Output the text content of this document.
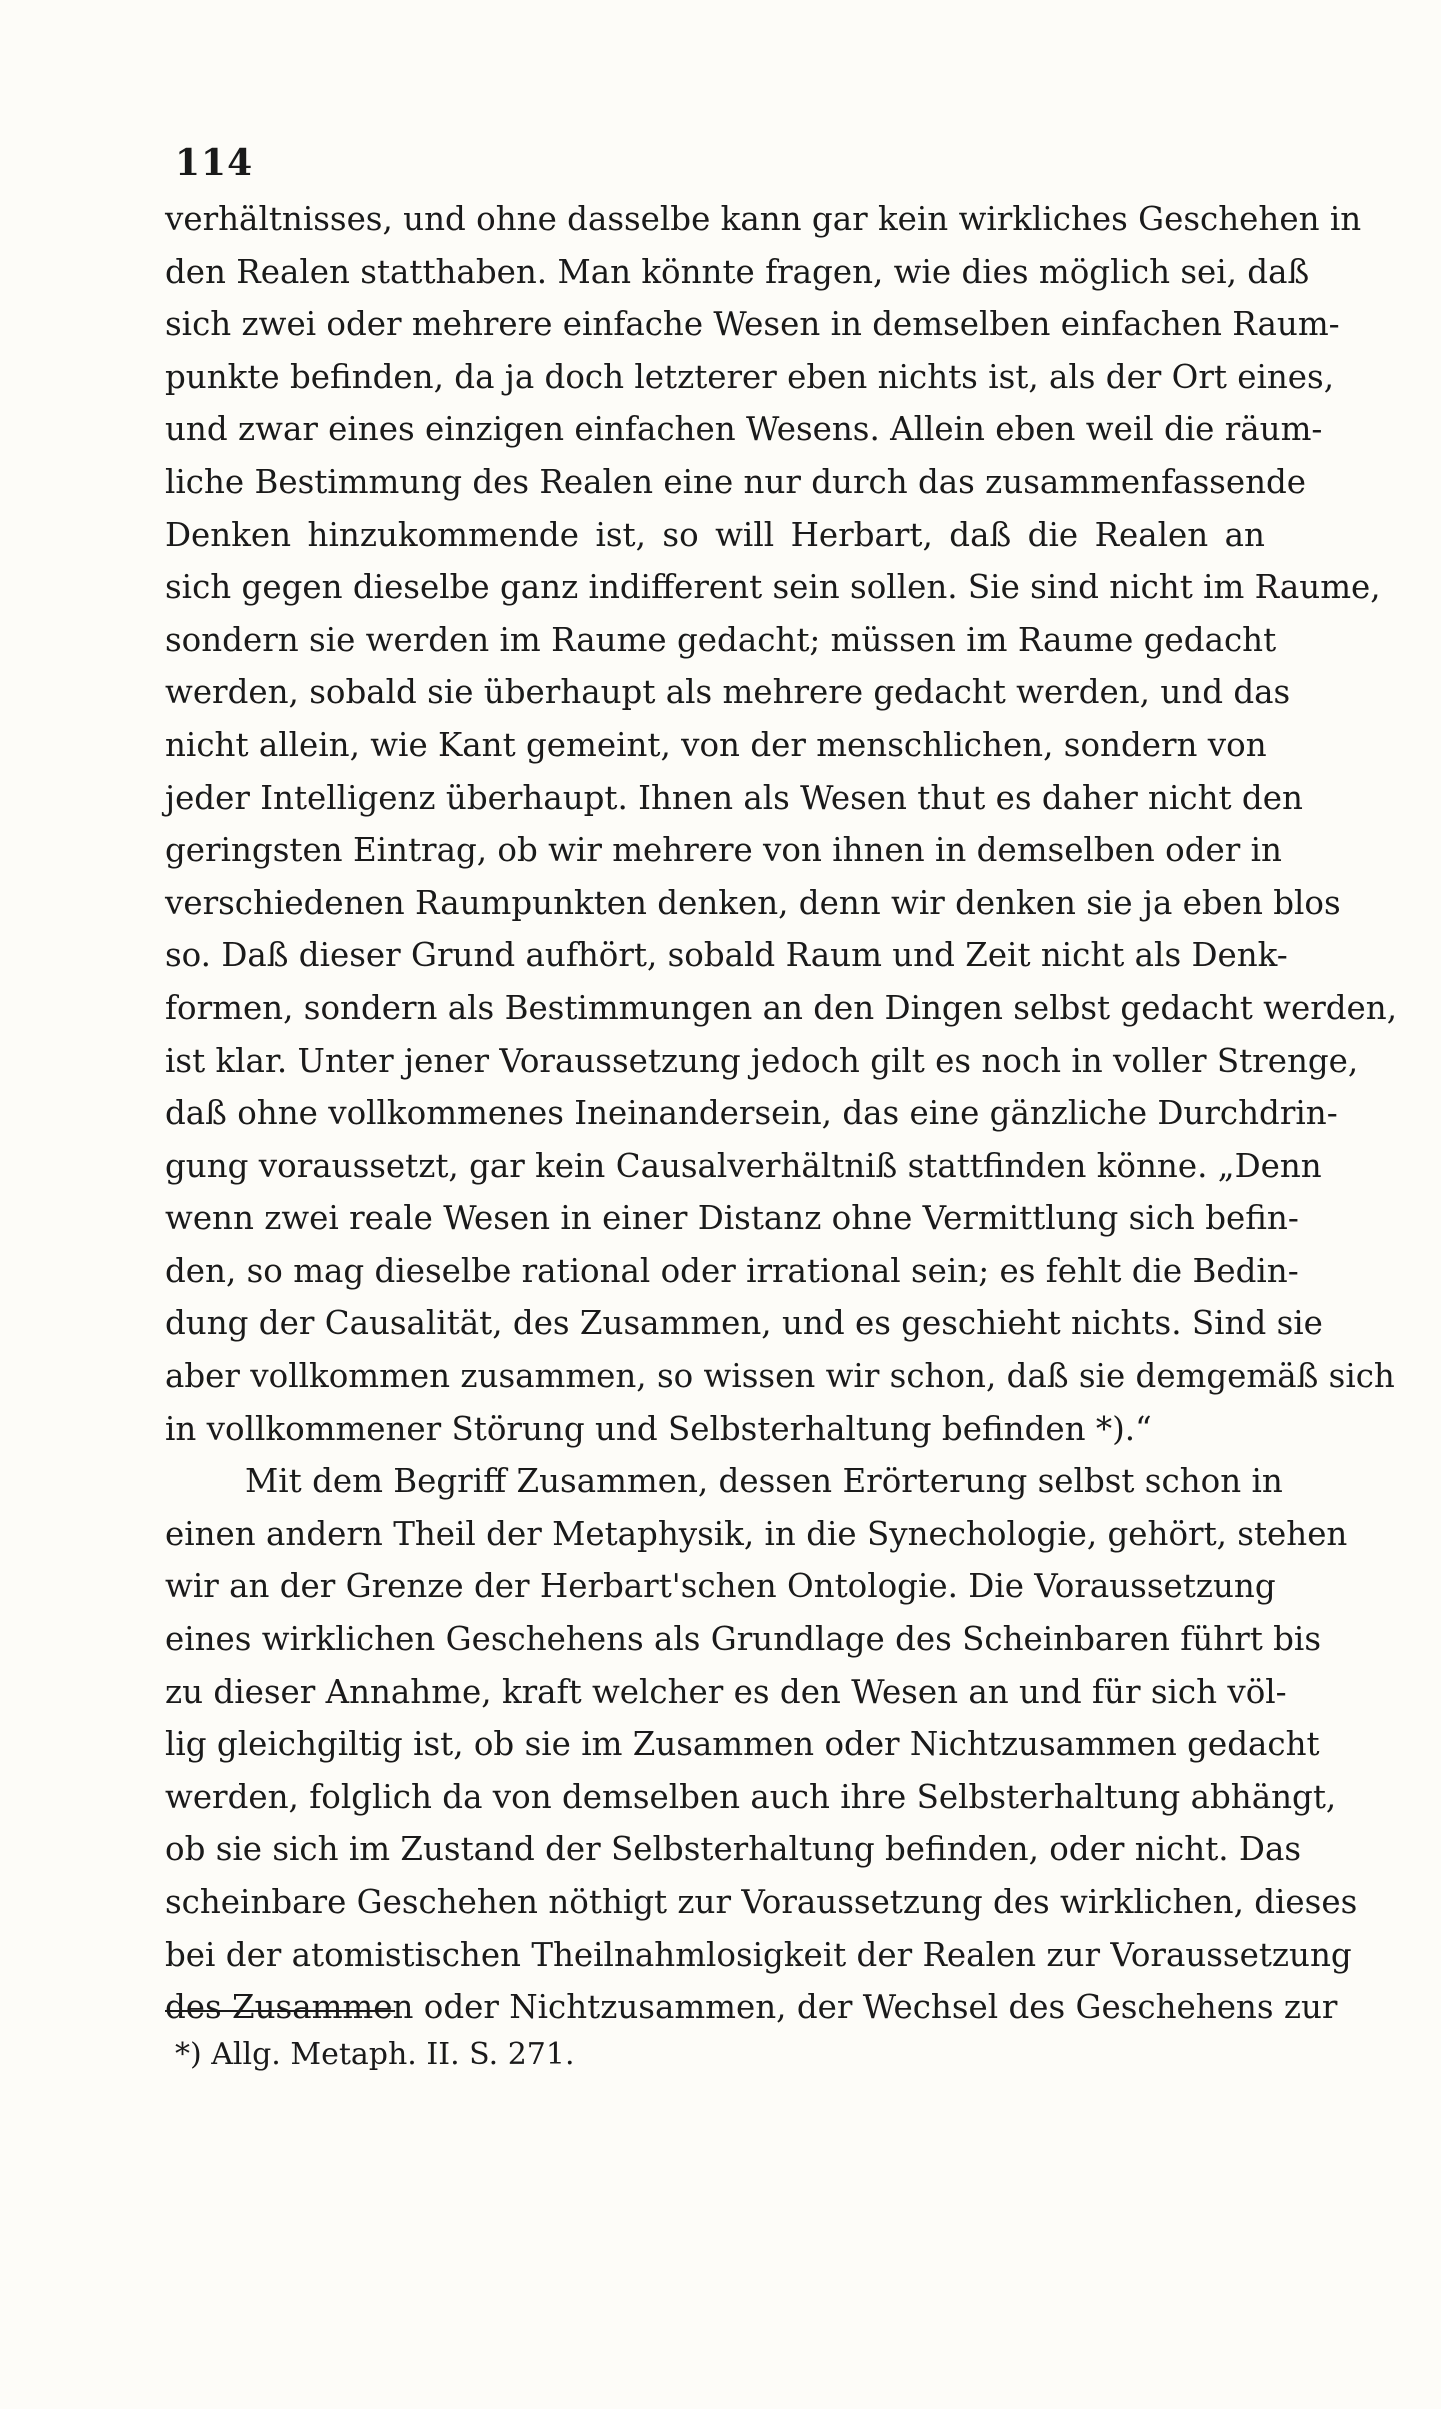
114
verhältnisses, und ohne dasselbe kann gar kein wirkliches Geschehen in
den Realen statthaben. Man könnte fragen, wie dies möglich sei, daß
sich zwei oder mehrere einfache Wesen in demselben einfachen Raum-
punkte befinden, da ja doch letzterer eben nichts ist, als der Ort eines,
und zwar eines einzigen einfachen Wesens. Allein eben weil die räum-
liche Bestimmung des Realen eine nur durch das zusammenfassende
Denken hinzukommende ist, so will Herbart, daß die Realen an
sich gegen dieselbe ganz indifferent sein sollen. Sie sind nicht im Raume,
sondern sie werden im Raume gedacht; müssen im Raume gedacht
werden, sobald sie überhaupt als mehrere gedacht werden, und das
nicht allein, wie Kant gemeint, von der menschlichen, sondern von
jeder Intelligenz überhaupt. Ihnen als Wesen thut es daher nicht den
geringsten Eintrag, ob wir mehrere von ihnen in demselben oder in
verschiedenen Raumpunkten denken, denn wir denken sie ja eben blos
so. Daß dieser Grund aufhört, sobald Raum und Zeit nicht als Denk-
formen, sondern als Bestimmungen an den Dingen selbst gedacht werden,
ist klar. Unter jener Voraussetzung jedoch gilt es noch in voller Strenge,
daß ohne vollkommenes Ineinandersein, das eine gänzliche Durchdrin-
gung voraussetzt, gar kein Causalverhältniß stattfinden könne. „Denn
wenn zwei reale Wesen in einer Distanz ohne Vermittlung sich befin-
den, so mag dieselbe rational oder irrational sein; es fehlt die Bedin-
dung der Causalität, des Zusammen, und es geschieht nichts. Sind sie
aber vollkommen zusammen, so wissen wir schon, daß sie demgemäß sich
in vollkommener Störung und Selbsterhaltung befinden *).“
Mit dem Begriff Zusammen, dessen Erörterung selbst schon in
einen andern Theil der Metaphysik, in die Synechologie, gehört, stehen
wir an der Grenze der Herbart'schen Ontologie. Die Voraussetzung
eines wirklichen Geschehens als Grundlage des Scheinbaren führt bis
zu dieser Annahme, kraft welcher es den Wesen an und für sich völ-
lig gleichgiltig ist, ob sie im Zusammen oder Nichtzusammen gedacht
werden, folglich da von demselben auch ihre Selbsterhaltung abhängt,
ob sie sich im Zustand der Selbsterhaltung befinden, oder nicht. Das
scheinbare Geschehen nöthigt zur Voraussetzung des wirklichen, dieses
bei der atomistischen Theilnahmlosigkeit der Realen zur Voraussetzung
des Zusammen oder Nichtzusammen, der Wechsel des Geschehens zur
*) Allg. Metaph. II. S. 271.
